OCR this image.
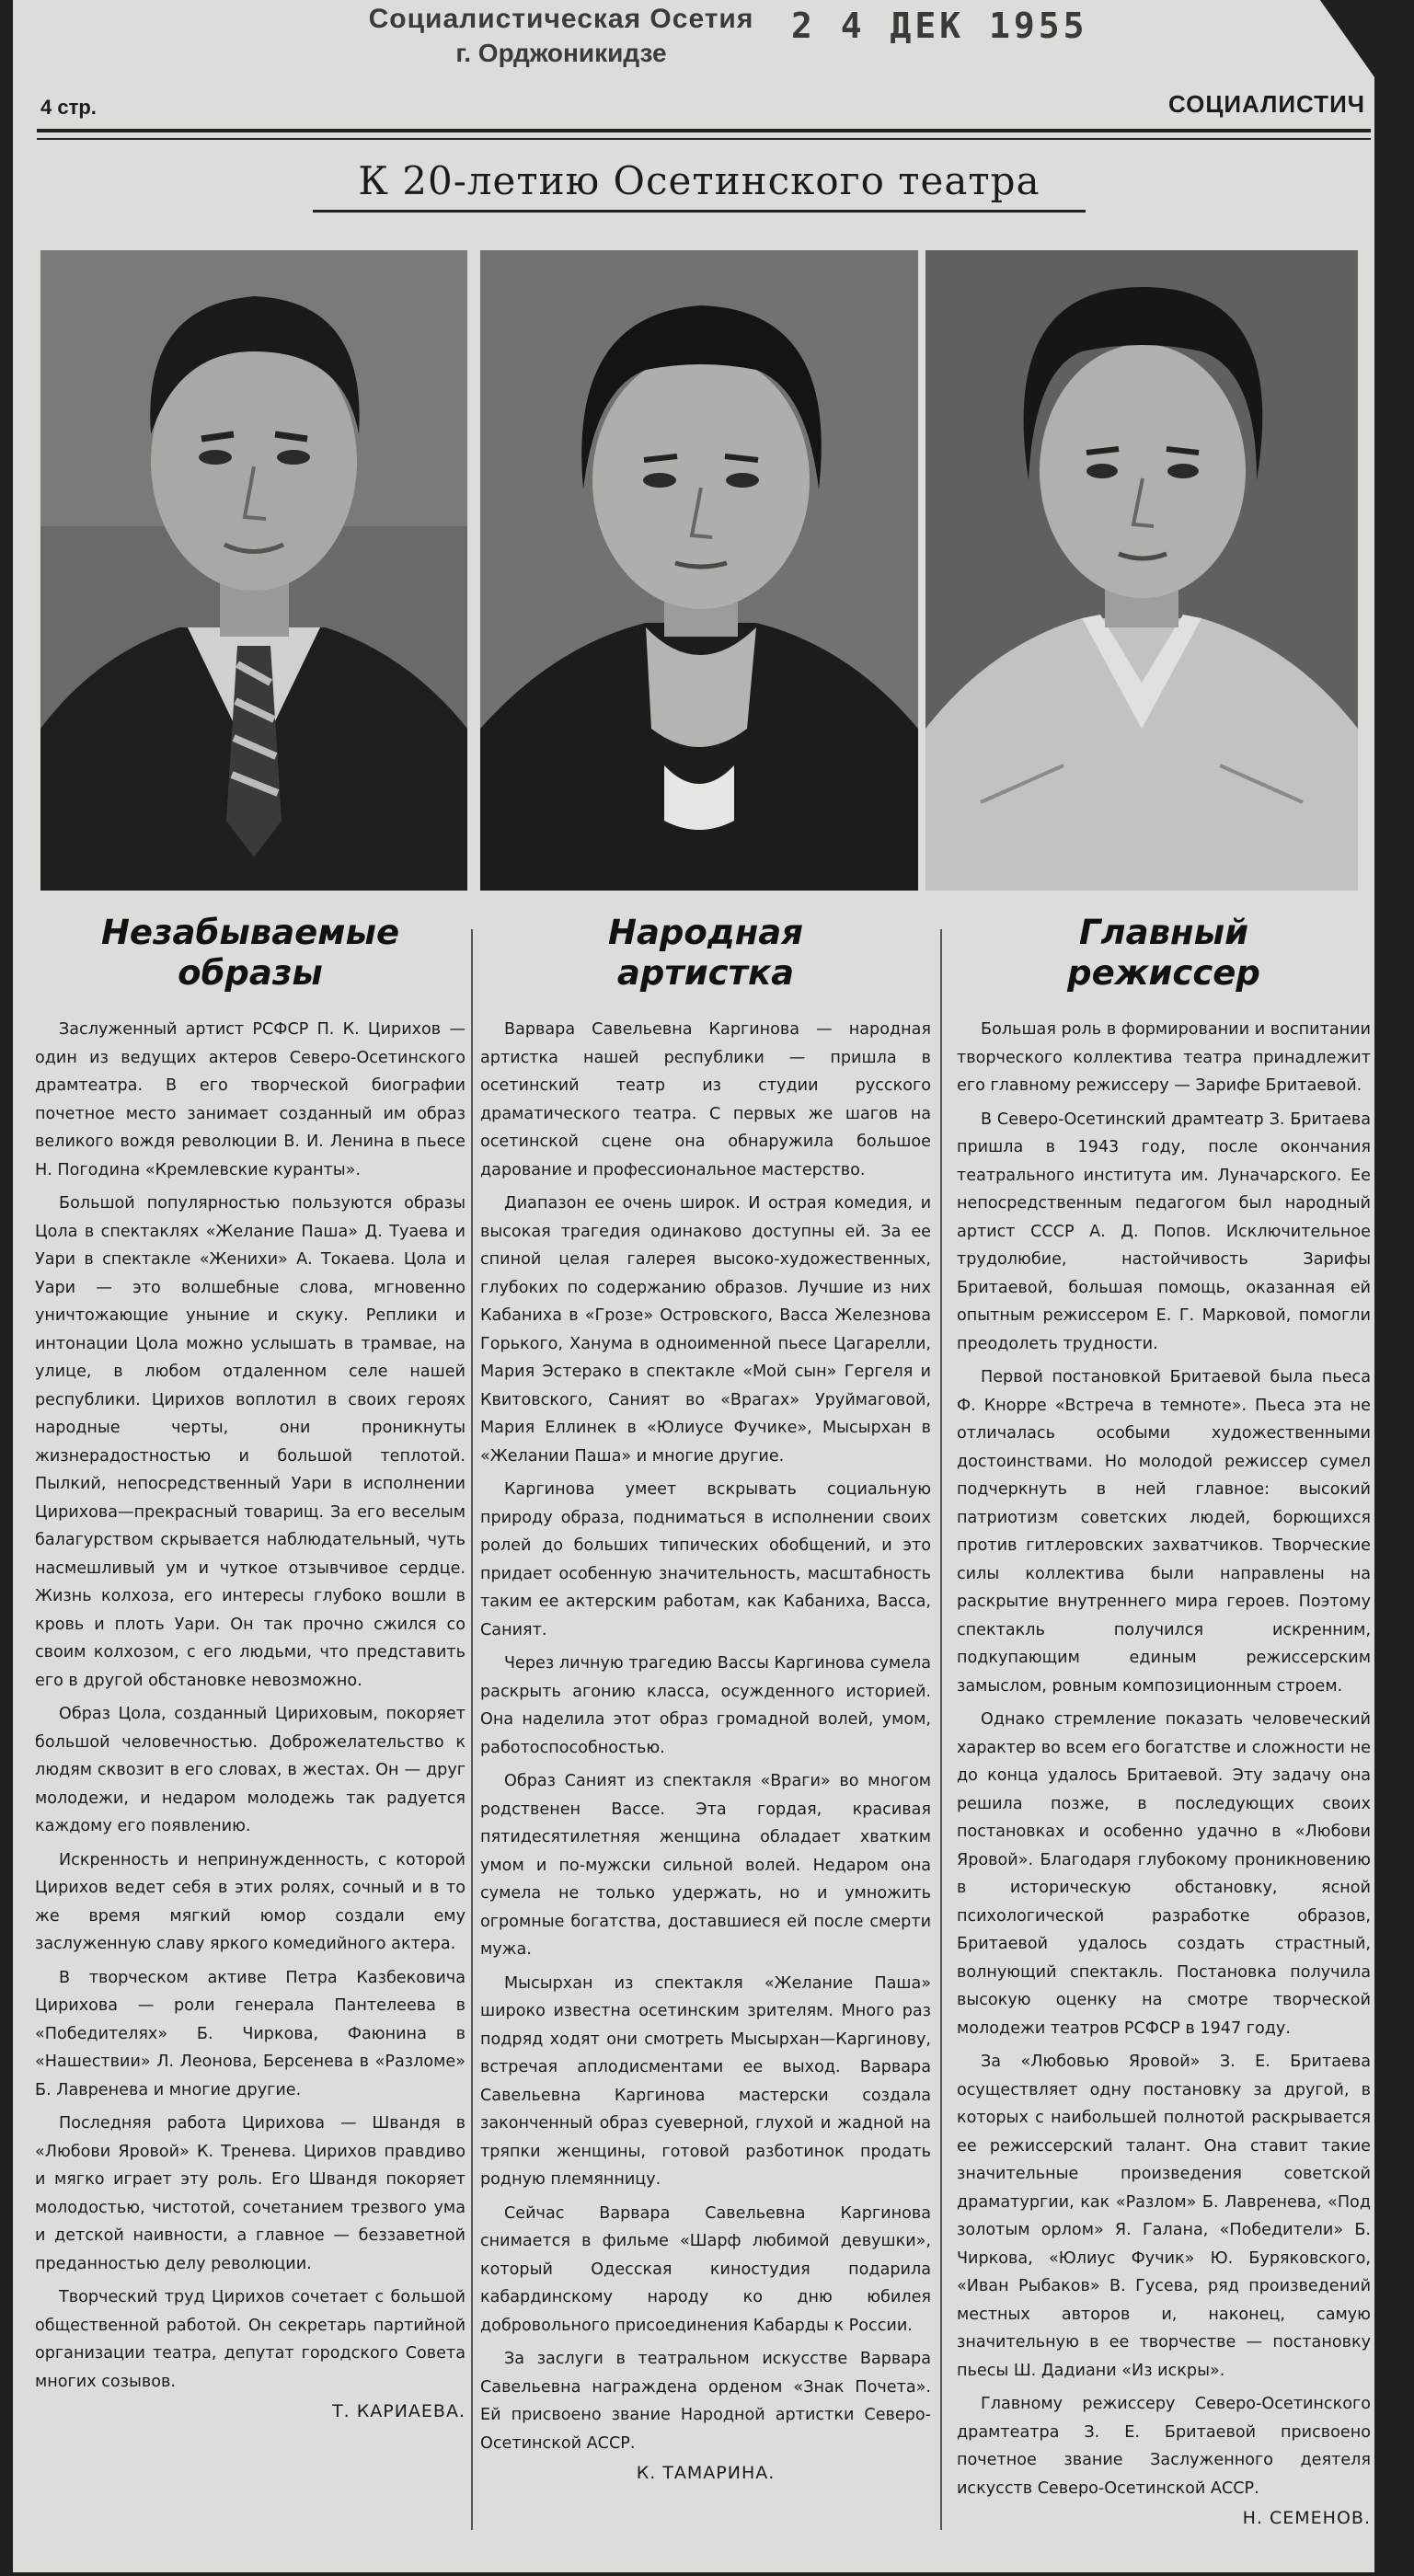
Социалистическая Осетия
г. Орджоникидзе
2 4 ДЕК 1955
4 стр.	СОЦИАЛИСТИЧ
К 20-летию Осетинского театра
Незабываемые
образы

Заслуженный артист РСФСР П. К. Цирихов — один из ведущих актеров Северо-Осетинского драмтеатра. В его творческой биографии почетное место занимает созданный им образ великого вождя революции В. И. Ленина в пьесе Н. Погодина «Кремлевские куранты».

Большой популярностью пользуются образы Цола в спектаклях «Желание Паша» Д. Туаева и Уари в спектакле «Женихи» А. Токаева. Цола и Уари — это волшебные слова, мгновенно уничтожающие уныние и скуку. Реплики и интонации Цола можно услышать в трамвае, на улице, в любом отдаленном селе нашей республики. Цирихов воплотил в своих героях народные черты, они проникнуты жизнерадостностью и большой теплотой. Пылкий, непосредственный Уари в исполнении Цирихова—прекрасный товарищ. За его веселым балагурством скрывается наблюдательный, чуть насмешливый ум и чуткое отзывчивое сердце. Жизнь колхоза, его интересы глубоко вошли в кровь и плоть Уари. Он так прочно сжился со своим колхозом, с его людьми, что представить его в другой обстановке невозможно.

Образ Цола, созданный Цириховым, покоряет большой человечностью. Доброжелательство к людям сквозит в его словах, в жестах. Он — друг молодежи, и недаром молодежь так радуется каждому его появлению.

Искренность и непринужденность, с которой Цирихов ведет себя в этих ролях, сочный и в то же время мягкий юмор создали ему заслуженную славу яркого комедийного актера.

В творческом активе Петра Казбековича Цирихова — роли генерала Пантелеева в «Победителях» Б. Чиркова, Фаюнина в «Нашествии» Л. Леонова, Берсенева в «Разломе» Б. Лавренева и многие другие.

Последняя работа Цирихова — Швандя в «Любови Яровой» К. Тренева. Цирихов правдиво и мягко играет эту роль. Его Швандя покоряет молодостью, чистотой, сочетанием трезвого ума и детской наивности, а главное — беззаветной преданностью делу революции.

Творческий труд Цирихов сочетает с большой общественной работой. Он секретарь партийной организации театра, депутат городского Совета многих созывов.

Т. КАРИАЕВА.
Народная
артистка

Варвара Савельевна Каргинова — народная артистка нашей республики — пришла в осетинский театр из студии русского драматического театра. С первых же шагов на осетинской сцене она обнаружила большое дарование и профессиональное мастерство.

Диапазон ее очень широк. И острая комедия, и высокая трагедия одинаково доступны ей. За ее спиной целая галерея высоко-художественных, глубоких по содержанию образов. Лучшие из них Кабаниха в «Грозе» Островского, Васса Железнова Горького, Ханума в одноименной пьесе Цагарелли, Мария Эстерако в спектакле «Мой сын» Гергеля и Квитовского, Саният во «Врагах» Уруймаговой, Мария Еллинек в «Юлиусе Фучике», Мысырхан в «Желании Паша» и многие другие.

Каргинова умеет вскрывать социальную природу образа, подниматься в исполнении своих ролей до больших типических обобщений, и это придает особенную значительность, масштабность таким ее актерским работам, как Кабаниха, Васса, Саният.

Через личную трагедию Вассы Каргинова сумела раскрыть агонию класса, осужденного историей. Она наделила этот образ громадной волей, умом, работоспособностью.

Образ Саният из спектакля «Враги» во многом родственен Вассе. Эта гордая, красивая пятидесятилетняя женщина обладает хватким умом и по-мужски сильной волей. Недаром она сумела не только удержать, но и умножить огромные богатства, доставшиеся ей после смерти мужа.

Мысырхан из спектакля «Желание Паша» широко известна осетинским зрителям. Много раз подряд ходят они смотреть Мысырхан—Каргинову, встречая аплодисментами ее выход. Варвара Савельевна Каргинова мастерски создала законченный образ суеверной, глухой и жадной на тряпки женщины, готовой разботинок продать родную племянницу.

Сейчас Варвара Савельевна Каргинова снимается в фильме «Шарф любимой девушки», который Одесская киностудия подарила кабардинскому народу ко дню юбилея добровольного присоединения Кабарды к России.

За заслуги в театральном искусстве Варвара Савельевна награждена орденом «Знак Почета». Ей присвоено звание Народной артистки Северо-Осетинской АССР.

К. ТАМАРИНА.
Главный
режиссер

Большая роль в формировании и воспитании творческого коллектива театра принадлежит его главному режиссеру — Зарифе Бритаевой.

В Северо-Осетинский драмтеатр З. Бритаева пришла в 1943 году, после окончания театрального института им. Луначарского. Ее непосредственным педагогом был народный артист СССР А. Д. Попов. Исключительное трудолюбие, настойчивость Зарифы Бритаевой, большая помощь, оказанная ей опытным режиссером Е. Г. Марковой, помогли преодолеть трудности.

Первой постановкой Бритаевой была пьеса Ф. Кнорре «Встреча в темноте». Пьеса эта не отличалась особыми художественными достоинствами. Но молодой режиссер сумел подчеркнуть в ней главное: высокий патриотизм советских людей, борющихся против гитлеровских захватчиков. Творческие силы коллектива были направлены на раскрытие внутреннего мира героев. Поэтому спектакль получился искренним, подкупающим единым режиссерским замыслом, ровным композиционным строем.

Однако стремление показать человеческий характер во всем его богатстве и сложности не до конца удалось Бритаевой. Эту задачу она решила позже, в последующих своих постановках и особенно удачно в «Любови Яровой». Благодаря глубокому проникновению в историческую обстановку, ясной психологической разработке образов, Бритаевой удалось создать страстный, волнующий спектакль. Постановка получила высокую оценку на смотре творческой молодежи театров РСФСР в 1947 году.

За «Любовью Яровой» З. Е. Бритаева осуществляет одну постановку за другой, в которых с наибольшей полнотой раскрывается ее режиссерский талант. Она ставит такие значительные произведения советской драматургии, как «Разлом» Б. Лавренева, «Под золотым орлом» Я. Галана, «Победители» Б. Чиркова, «Юлиус Фучик» Ю. Буряковского, «Иван Рыбаков» В. Гусева, ряд произведений местных авторов и, наконец, самую значительную в ее творчестве — постановку пьесы Ш. Дадиани «Из искры».

Главному режиссеру Северо-Осетинского драмтеатра З. Е. Бритаевой присвоено почетное звание Заслуженного деятеля искусств Северо-Осетинской АССР.

Н. СЕМЕНОВ.
